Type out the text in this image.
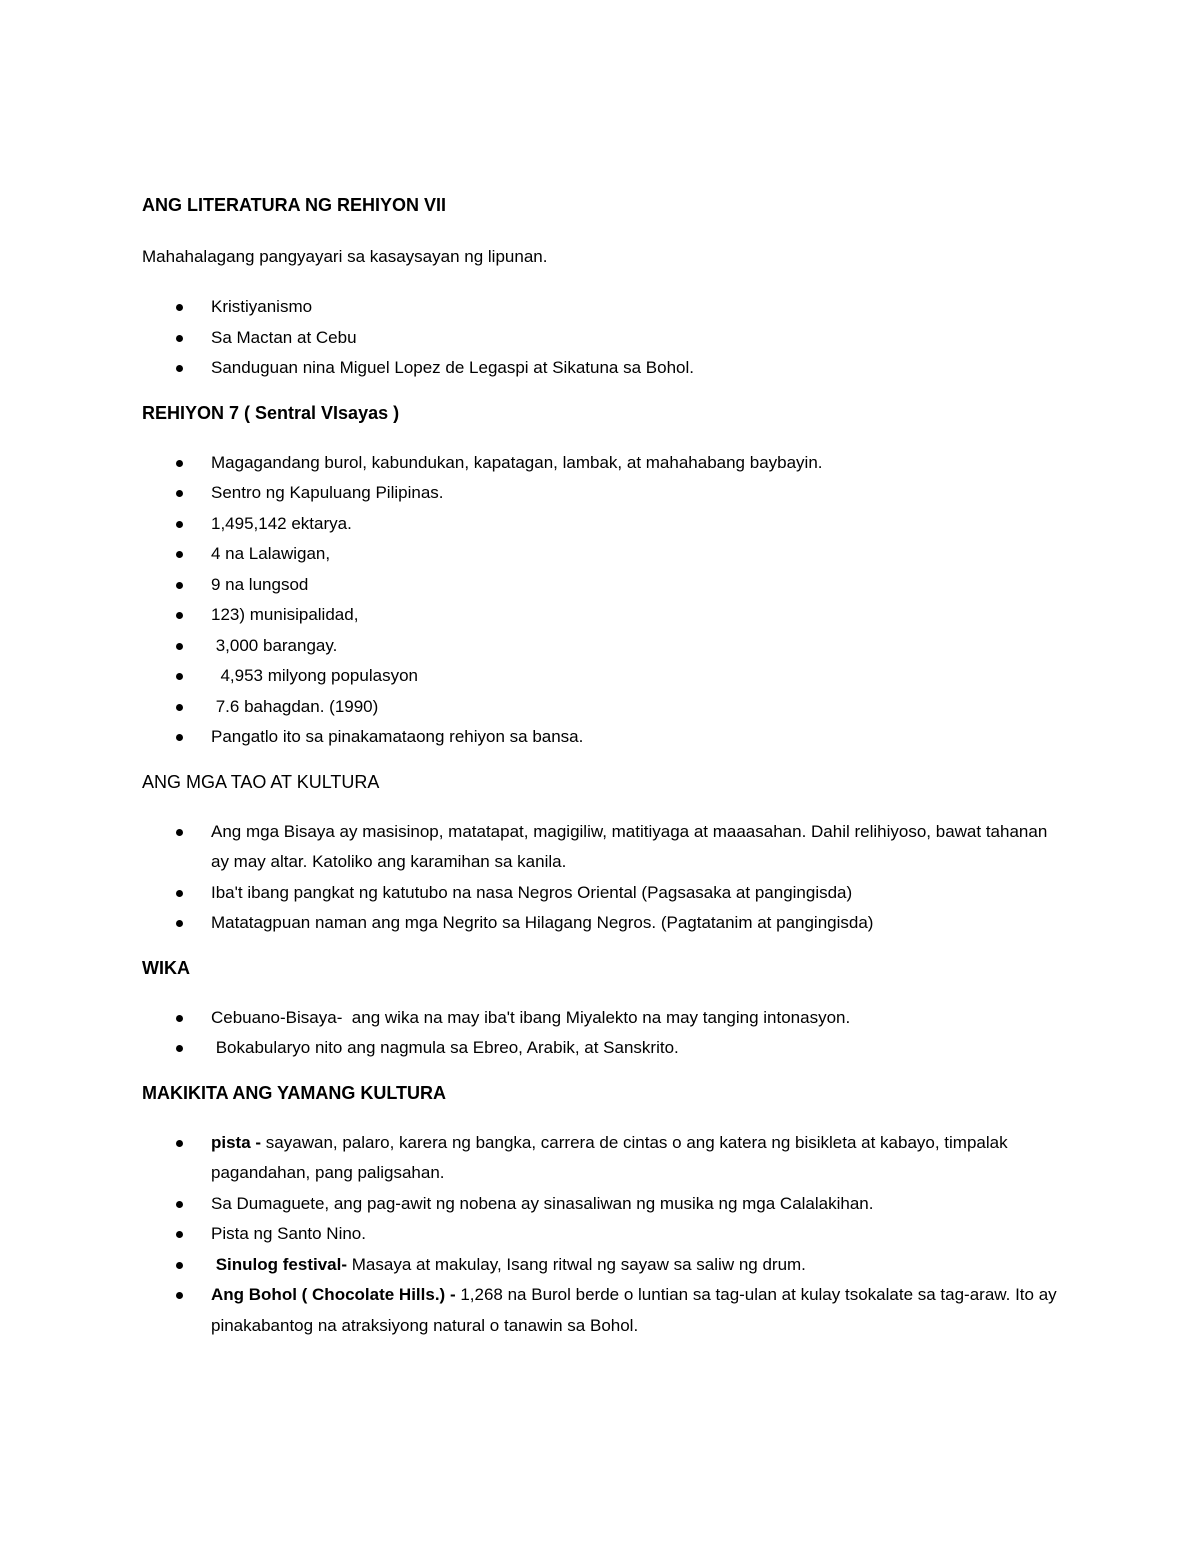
ANG LITERATURA NG REHIYON VII

Mahahalagang pangyayari sa kasaysayan ng lipunan.

Kristiyanismo
Sa Mactan at Cebu
Sanduguan nina Miguel Lopez de Legaspi at Sikatuna sa Bohol.
REHIYON 7 ( Sentral VIsayas )
Magagandang burol, kabundukan, kapatagan, lambak, at mahahabang baybayin.
Sentro ng Kapuluang Pilipinas.
1,495,142 ektarya.
4 na Lalawigan,
9 na lungsod
123) munisipalidad,
3,000 barangay.
4,953 milyong populasyon
7.6 bahagdan. (1990)
Pangatlo ito sa pinakamataong rehiyon sa bansa.
ANG MGA TAO AT KULTURA
Ang mga Bisaya ay masisinop, matatapat, magigiliw, matitiyaga at maaasahan. Dahil relihiyoso, bawat tahanan ay may altar. Katoliko ang karamihan sa kanila.
Iba't ibang pangkat ng katutubo na nasa Negros Oriental (Pagsasaka at pangingisda)
Matatagpuan naman ang mga Negrito sa Hilagang Negros. (Pagtatanim at pangingisda)
WIKA
Cebuano-Bisaya-  ang wika na may iba't ibang Miyalekto na may tanging intonasyon.
Bokabularyo nito ang nagmula sa Ebreo, Arabik, at Sanskrito.
MAKIKITA ANG YAMANG KULTURA
pista - sayawan, palaro, karera ng bangka, carrera de cintas o ang katera ng bisikleta at kabayo, timpalak pagandahan, pang paligsahan.
Sa Dumaguete, ang pag-awit ng nobena ay sinasaliwan ng musika ng mga Calalakihan.
Pista ng Santo Nino.
Sinulog festival- Masaya at makulay, Isang ritwal ng sayaw sa saliw ng drum.
Ang Bohol ( Chocolate Hills.) - 1,268 na Burol berde o luntian sa tag-ulan at kulay tsokalate sa tag-araw. Ito ay pinakabantog na atraksiyong natural o tanawin sa Bohol.
